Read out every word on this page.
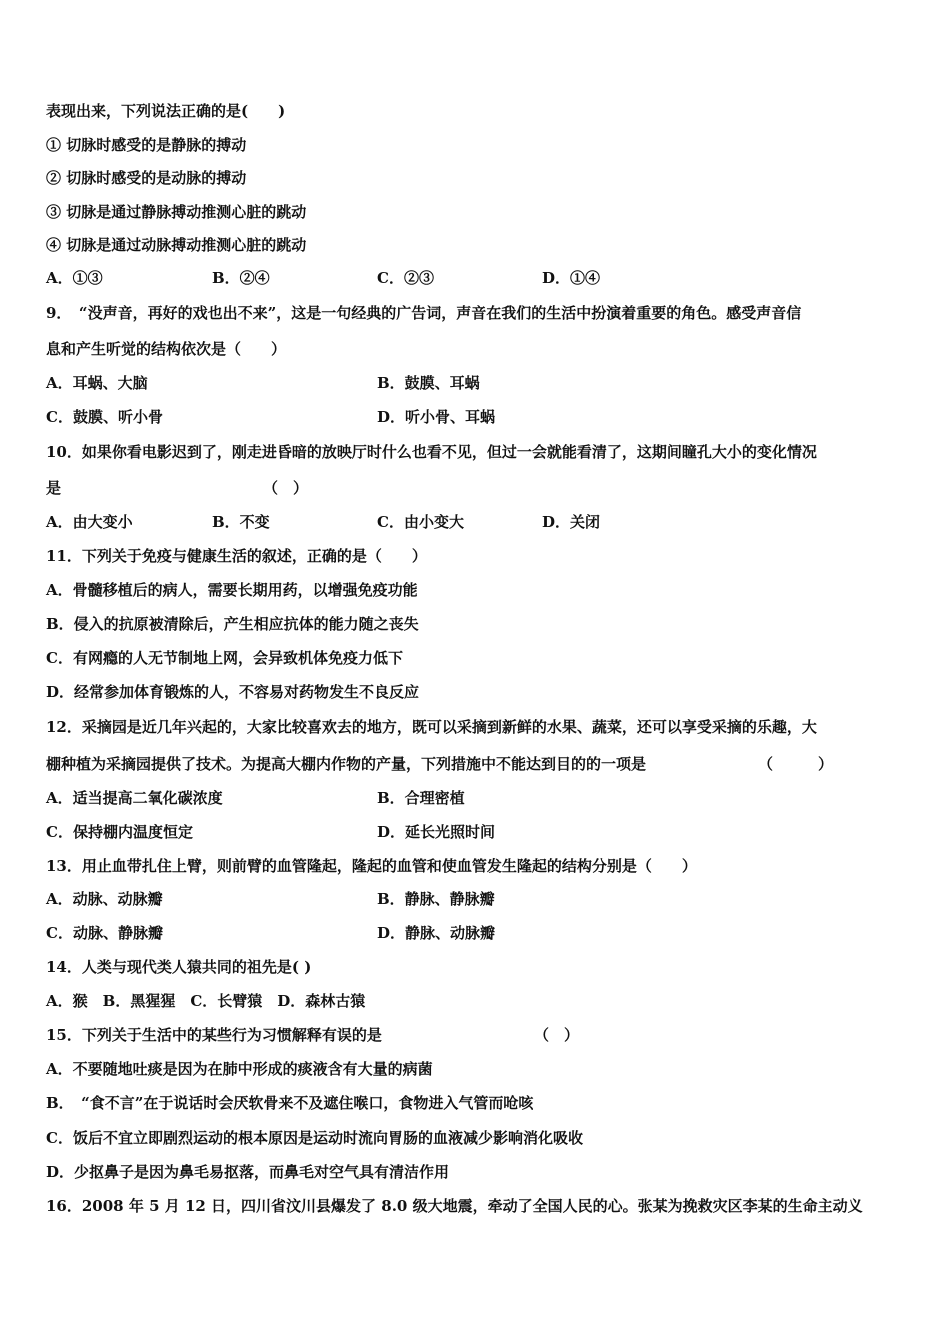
表现出来，下列说法正确的是(　　)
① 切脉时感受的是静脉的搏动
② 切脉时感受的是动脉的搏动
③ 切脉是通过静脉搏动推测心脏的跳动
④ 切脉是通过动脉搏动推测心脏的跳动
A．①③	B．②④	C．②③	D．①④
9．　“没声音，再好的戏也出不来”，这是一句经典的广告词，声音在我们的生活中扮演着重要的角色。感受声音信
息和产生听觉的结构依次是（　　）
A．耳蜗、大脑	B．鼓膜、耳蜗
C．鼓膜、听小骨	D．听小骨、耳蜗
10．如果你看电影迟到了，刚走进昏暗的放映厅时什么也看不见，但过一会就能看清了，这期间瞳孔大小的变化情况
是	（　）
A．由大变小	B．不变	C．由小变大	D．关闭
11．下列关于免疫与健康生活的叙述，正确的是（　　）
A．骨髓移植后的病人，需要长期用药，以增强免疫功能
B．侵入的抗原被清除后，产生相应抗体的能力随之丧失
C．有网瘾的人无节制地上网，会异致机体免疫力低下
D．经常参加体育锻炼的人，不容易对药物发生不良反应
12．采摘园是近几年兴起的，大家比较喜欢去的地方，既可以采摘到新鲜的水果、蔬菜，还可以享受采摘的乐趣，大
棚种植为采摘园提供了技术。为提高大棚内作物的产量，下列措施中不能达到目的的一项是	（　　　）
A．适当提高二氧化碳浓度	B．合理密植
C．保持棚内温度恒定	D．延长光照时间
13．用止血带扎住上臂，则前臂的血管隆起，隆起的血管和使血管发生隆起的结构分别是（　　）
A．动脉、动脉瓣	B．静脉、静脉瓣
C．动脉、静脉瓣	D．静脉、动脉瓣
14．人类与现代类人猿共同的祖先是( )
A．猴　B．黑猩猩　C．长臂猿　D．森林古猿
15．下列关于生活中的某些行为习惯解释有误的是	（　）
A．不要随地吐痰是因为在肺中形成的痰液含有大量的病菌
B．　“食不言”在于说话时会厌软骨来不及遮住喉口，食物进入气管而呛咳
C．饭后不宜立即剧烈运动的根本原因是运动时流向胃肠的血液减少影响消化吸收
D．少抠鼻子是因为鼻毛易抠落，而鼻毛对空气具有清洁作用
16．2008 年 5 月 12 日，四川省汶川县爆发了 8.0 级大地震，牵动了全国人民的心。张某为挽救灾区李某的生命主动义
